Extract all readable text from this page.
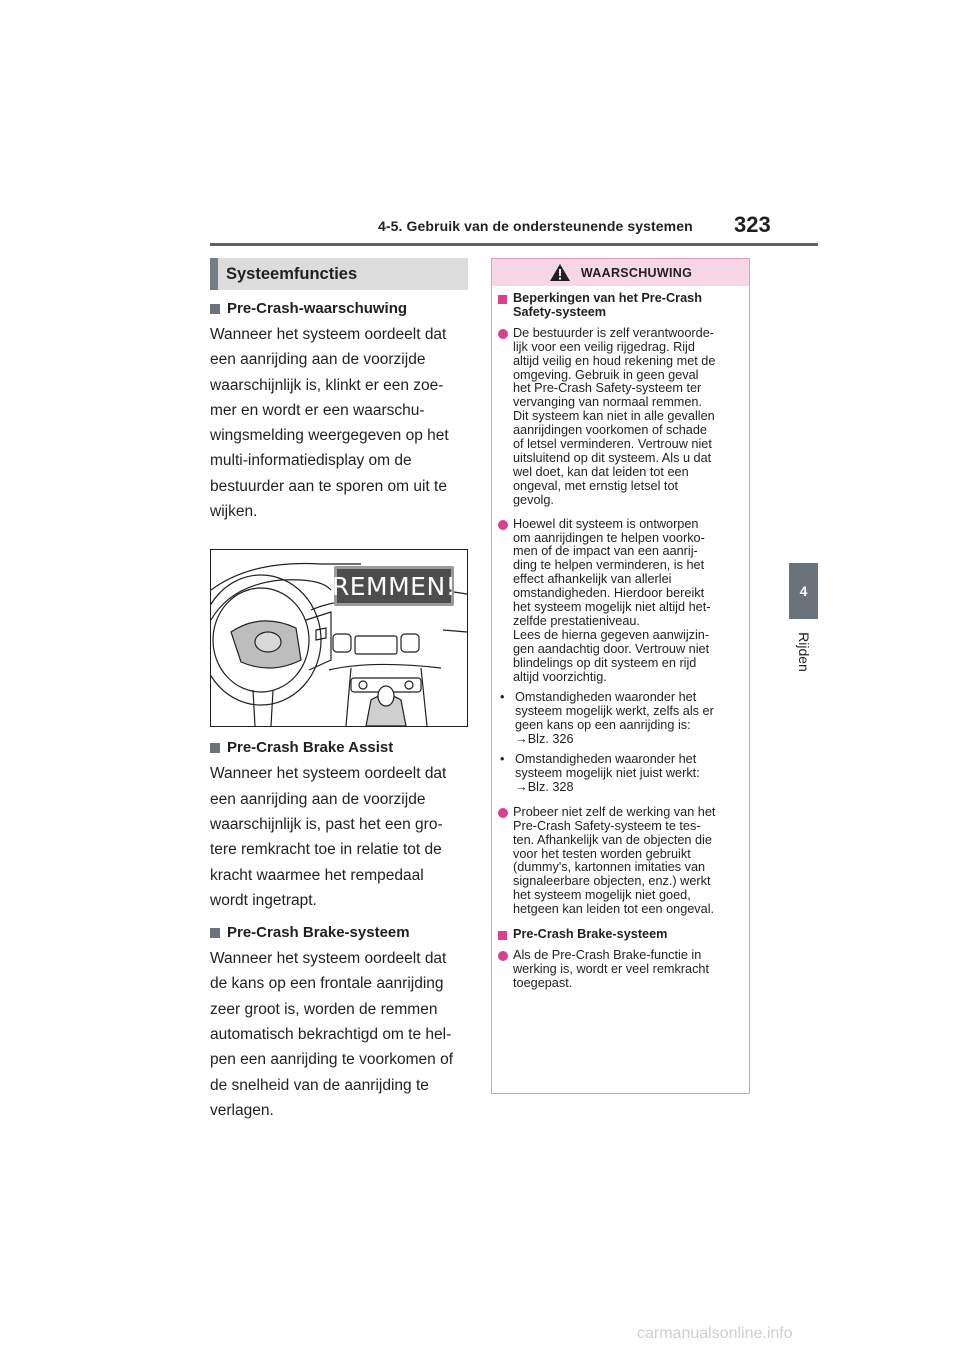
4-5. Gebruik van de ondersteunende systemen	323
4
Rijden
Systeemfuncties
Pre-Crash-waarschuwing
Wanneer het systeem oordeelt dat
een aanrijding aan de voorzijde
waarschijnlijk is, klinkt er een zoe-
mer en wordt er een waarschu-
wingsmelding weergegeven op het
multi-informatiedisplay om de
bestuurder aan te sporen om uit te
wijken.
REMMEN!
Pre-Crash Brake Assist
Wanneer het systeem oordeelt dat
een aanrijding aan de voorzijde
waarschijnlijk is, past het een gro-
tere remkracht toe in relatie tot de
kracht waarmee het rempedaal
wordt ingetrapt.
Pre-Crash Brake-systeem
Wanneer het systeem oordeelt dat
de kans op een frontale aanrijding
zeer groot is, worden de remmen
automatisch bekrachtigd om te hel-
pen een aanrijding te voorkomen of
de snelheid van de aanrijding te
verlagen.
WAARSCHUWING
Beperkingen van het Pre-Crash
Safety-systeem
De bestuurder is zelf verantwoorde-
lijk voor een veilig rijgedrag. Rijd
altijd veilig en houd rekening met de
omgeving. Gebruik in geen geval
het Pre-Crash Safety-systeem ter
vervanging van normaal remmen.
Dit systeem kan niet in alle gevallen
aanrijdingen voorkomen of schade
of letsel verminderen. Vertrouw niet
uitsluitend op dit systeem. Als u dat
wel doet, kan dat leiden tot een
ongeval, met ernstig letsel tot
gevolg.
Hoewel dit systeem is ontworpen
om aanrijdingen te helpen voorko-
men of de impact van een aanrij-
ding te helpen verminderen, is het
effect afhankelijk van allerlei
omstandigheden. Hierdoor bereikt
het systeem mogelijk niet altijd het-
zelfde prestatieniveau.
Lees de hierna gegeven aanwijzin-
gen aandachtig door. Vertrouw niet
blindelings op dit systeem en rijd
altijd voorzichtig.
• Omstandigheden waaronder het
systeem mogelijk werkt, zelfs als er
geen kans op een aanrijding is:
→Blz. 326
• Omstandigheden waaronder het
systeem mogelijk niet juist werkt:
→Blz. 328
Probeer niet zelf de werking van het
Pre-Crash Safety-systeem te tes-
ten. Afhankelijk van de objecten die
voor het testen worden gebruikt
(dummy's, kartonnen imitaties van
signaleerbare objecten, enz.) werkt
het systeem mogelijk niet goed,
hetgeen kan leiden tot een ongeval.
Pre-Crash Brake-systeem
Als de Pre-Crash Brake-functie in
werking is, wordt er veel remkracht
toegepast.
carmanualsonline.info
